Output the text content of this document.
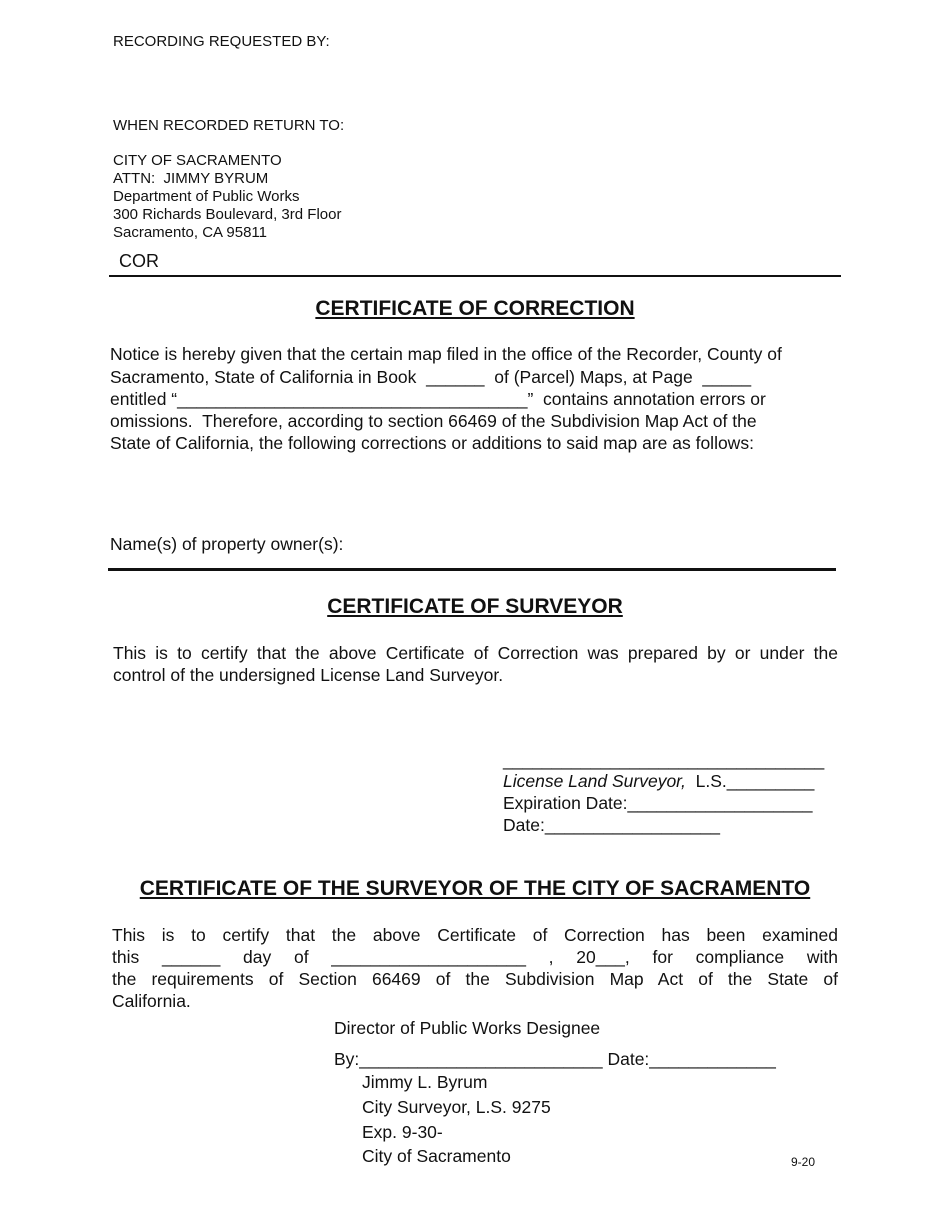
RECORDING REQUESTED BY:
WHEN RECORDED RETURN TO:
CITY OF SACRAMENTO
ATTN:  JIMMY BYRUM
Department of Public Works
300 Richards Boulevard, 3rd Floor
Sacramento, CA 95811
COR
CERTIFICATE OF CORRECTION
Notice is hereby given that the certain map filed in the office of the Recorder, County of
Sacramento, State of California in Book  ______  of (Parcel) Maps, at Page  _____
entitled “____________________________________”  contains annotation errors or
omissions.  Therefore, according to section 66469 of the Subdivision Map Act of the
State of California, the following corrections or additions to said map are as follows:
Name(s) of property owner(s):
CERTIFICATE OF SURVEYOR
This is to certify that the above Certificate of Correction was prepared by or under the
control of the undersigned License Land Surveyor.
_________________________________
License Land Surveyor,  L.S._________
Expiration Date:___________________
Date:__________________
CERTIFICATE OF THE SURVEYOR OF THE CITY OF SACRAMENTO
This is to certify that the above Certificate of Correction has been examined
this ______ day of ____________________ , 20___, for compliance with
the requirements of Section 66469 of the Subdivision Map Act of the State of
California.
Director of Public Works Designee
By:_________________________ Date:_____________
Jimmy L. Byrum
City Surveyor, L.S. 9275
Exp. 9-30-
City of Sacramento	9-20
